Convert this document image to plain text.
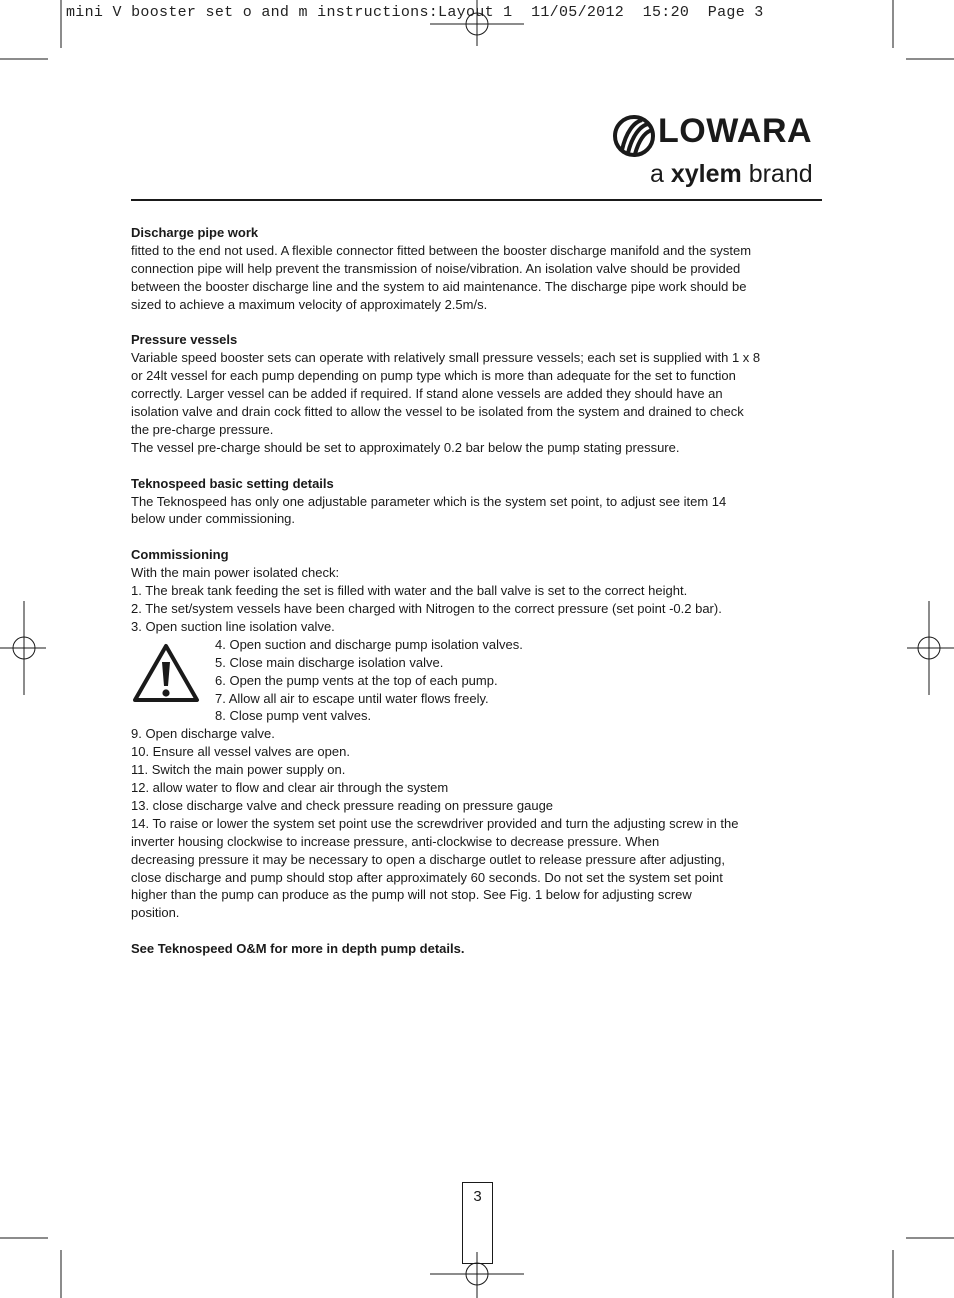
mini V booster set o and m instructions:Layout 1  11/05/2012  15:20  Page 3
LOWARA
a xylem brand

Discharge pipe work

fitted to the end not used. A flexible connector fitted between the booster discharge manifold and the system

connection pipe will help prevent the transmission of noise/vibration. An isolation valve should be provided

between the booster discharge line and the system to aid maintenance. The discharge pipe work should be

sized to achieve a maximum velocity of approximately 2.5m/s.

Pressure vessels

Variable speed booster sets can operate with relatively small pressure vessels; each set is supplied with 1 x 8

or 24lt vessel for each pump depending on pump type which is more than adequate for the set to function

correctly. Larger vessel can be added if required. If stand alone vessels are added they should have an

isolation valve and drain cock fitted to allow the vessel to be isolated from the system and drained to check

the pre-charge pressure.

The vessel pre-charge should be set to approximately 0.2 bar below the pump stating pressure.

Teknospeed basic setting details

The Teknospeed has only one adjustable parameter which is the system set point, to adjust see item 14

below under commissioning.

Commissioning

With the main power isolated check:

1. The break tank feeding the set is filled with water and the ball valve is set to the correct height.

2. The set/system vessels have been charged with Nitrogen to the correct pressure (set point -0.2 bar).

3. Open suction line isolation valve.

4. Open suction and discharge pump isolation valves.

5. Close main discharge isolation valve.

6. Open the pump vents at the top of each pump.

7. Allow all air to escape until water flows freely.

8. Close pump vent valves.

9. Open discharge valve.

10. Ensure all vessel valves are open.

11. Switch the main power supply on.

12. allow water to flow and clear air through the system

13. close discharge valve and check pressure reading on pressure gauge

14. To raise or lower the system set point use the screwdriver provided and turn the adjusting screw in the

inverter housing clockwise to increase pressure, anti-clockwise to decrease pressure. When

decreasing pressure it may be necessary to open a discharge outlet to release pressure after adjusting,

close discharge and pump should stop after approximately 60 seconds. Do not set the system set point

higher than the pump can produce as the pump will not stop. See Fig. 1 below for adjusting screw

position.

See Teknospeed O&M for more in depth pump details.

3
